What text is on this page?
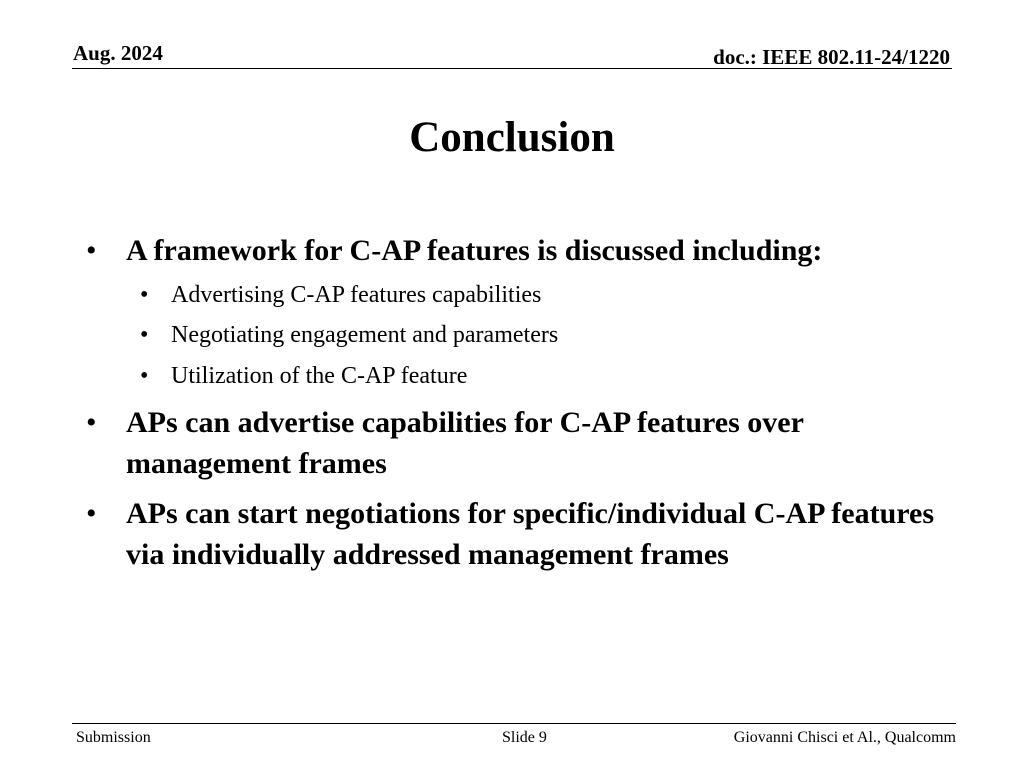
Aug. 2024	doc.: IEEE 802.11-24/1220
Conclusion
• A framework for C-AP features is discussed including:
• Advertising C-AP features capabilities
• Negotiating engagement and parameters
• Utilization of the C-AP feature
• APs can advertise capabilities for C-AP features over management frames
• APs can start negotiations for specific/individual C-AP features via individually addressed management frames
Submission	Slide 9	Giovanni Chisci et Al., Qualcomm
